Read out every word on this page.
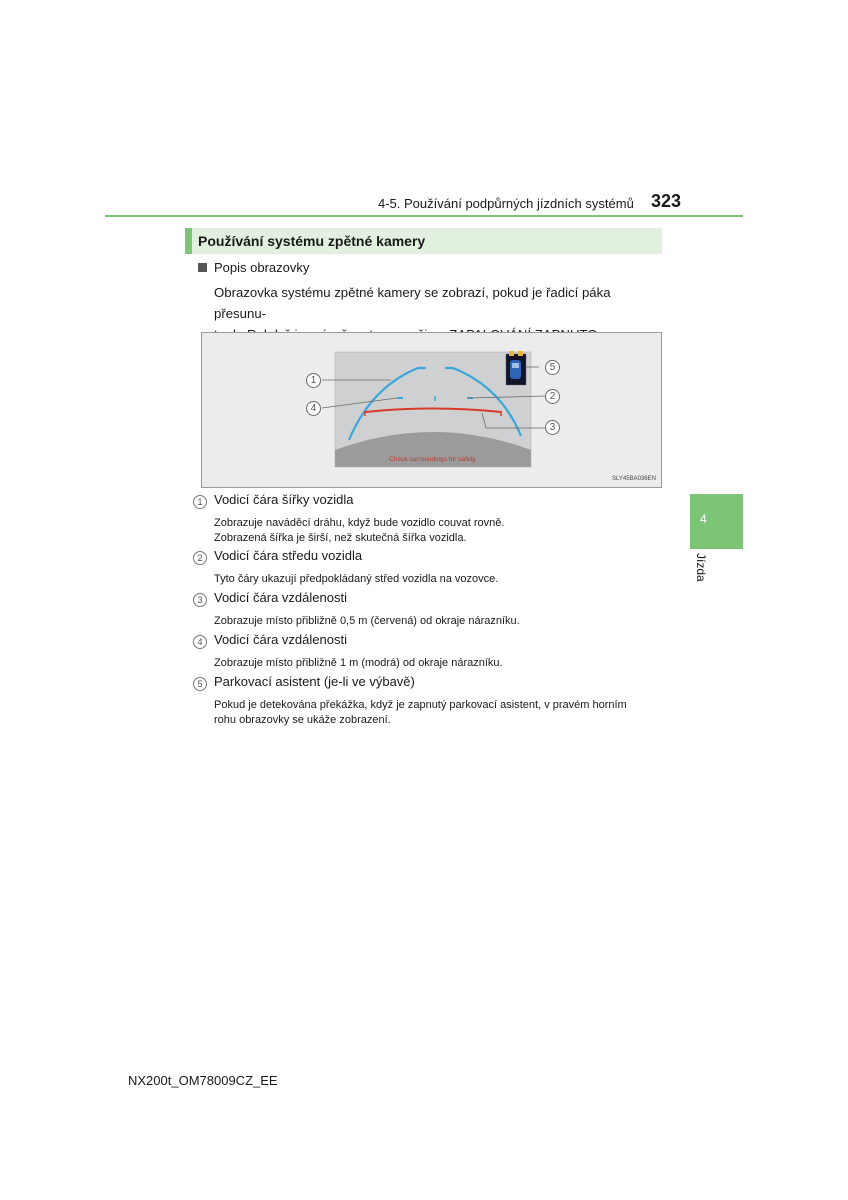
4-5. Používání podpůrných jízdních systémů 323
Používání systému zpětné kamery
Popis obrazovky
Obrazovka systému zpětné kamery se zobrazí, pokud je řadicí páka přesunu-
Check surroundings for safety.
SLY45BA036EN
1
4
2
3
5
1 Vodicí čára šířky vozidla
Zobrazuje naváděcí dráhu, když bude vozidlo couvat rovně.
Zobrazená šířka je širší, než skutečná šířka vozidla.
2 Vodicí čára středu vozidla
Tyto čáry ukazují předpokládaný střed vozidla na vozovce.
3 Vodicí čára vzdálenosti
Zobrazuje místo přibližně 0,5 m (červená) od okraje nárazníku.
4 Vodicí čára vzdálenosti
Zobrazuje místo přibližně 1 m (modrá) od okraje nárazníku.
5 Parkovací asistent (je-li ve výbavě)
Pokud je detekována překážka, když je zapnutý parkovací asistent, v pravém horním
rohu obrazovky se ukáže zobrazení.
4
Jízda
NX200t_OM78009CZ_EE
